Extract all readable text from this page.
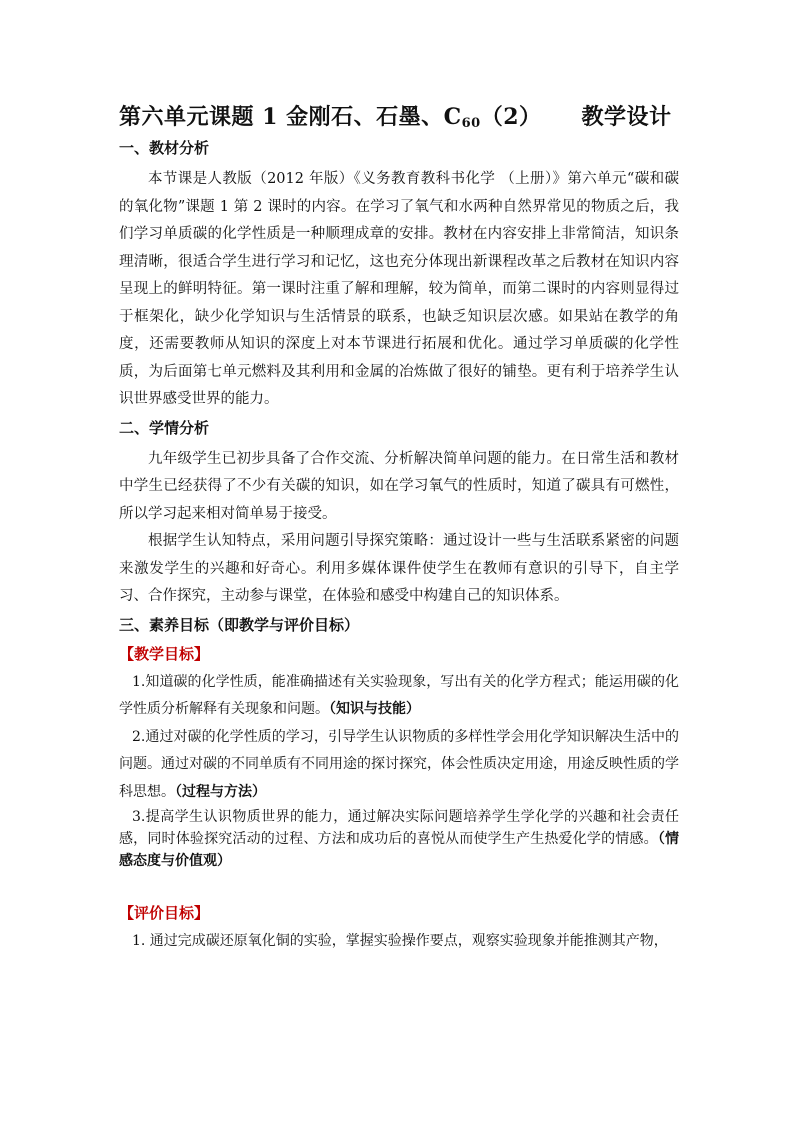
第六单元课题 1 金刚石、石墨、$C_{60}(2)$ 教学设计
一、教材分析

本节课是人教版（2012 年版）《义务教育教科书化学 （上册）》第六单元“碳和碳的氧化物”课题 1 第 2 课时的内容。在学习了氧气和水两种自然界常见的物质之后，我们学习单质碳的化学性质是一种顺理成章的安排。教材在内容安排上非常简洁，知识条理清晰，很适合学生进行学习和记忆，这也充分体现出新课程改革之后教材在知识内容呈现上的鲜明特征。第一课时注重了解和理解，较为简单，而第二课时的内容则显得过于框架化，缺少化学知识与生活情景的联系，也缺乏知识层次感。如果站在教学的角度，还需要教师从知识的深度上对本节课进行拓展和优化。通过学习单质碳的化学性质，为后面第七单元燃料及其利用和金属的冶炼做了很好的铺垫。更有利于培养学生认识世界感受世界的能力。

二、学情分析

九年级学生已初步具备了合作交流、分析解决简单问题的能力。在日常生活和教材中学生已经获得了不少有关碳的知识，如在学习氧气的性质时，知道了碳具有可燃性，所以学习起来相对简单易于接受。

根据学生认知特点，采用问题引导探究策略：通过设计一些与生活联系紧密的问题来激发学生的兴趣和好奇心。利用多媒体课件使学生在教师有意识的引导下，自主学习、合作探究，主动参与课堂，在体验和感受中构建自己的知识体系。

三、素养目标（即教学与评价目标）

【教学目标】

1.知道碳的化学性质，能准确描述有关实验现象，写出有关的化学方程式；能运用碳的化学性质分析解释有关现象和问题。（知识与技能）

2.通过对碳的化学性质的学习，引导学生认识物质的多样性学会用化学知识解决生活中的问题。通过对碳的不同单质有不同用途的探讨探究，体会性质决定用途，用途反映性质的学科思想。（过程与方法）

3.提高学生认识物质世界的能力，通过解决实际问题培养学生学化学的兴趣和社会责任感，同时体验探究活动的过程、方法和成功后的喜悦从而使学生产生热爱化学的情感。（情感态度与价值观）

【评价目标】

1. 通过完成碳还原氧化铜的实验，掌握实验操作要点，观察实验现象并能推测其产物，
